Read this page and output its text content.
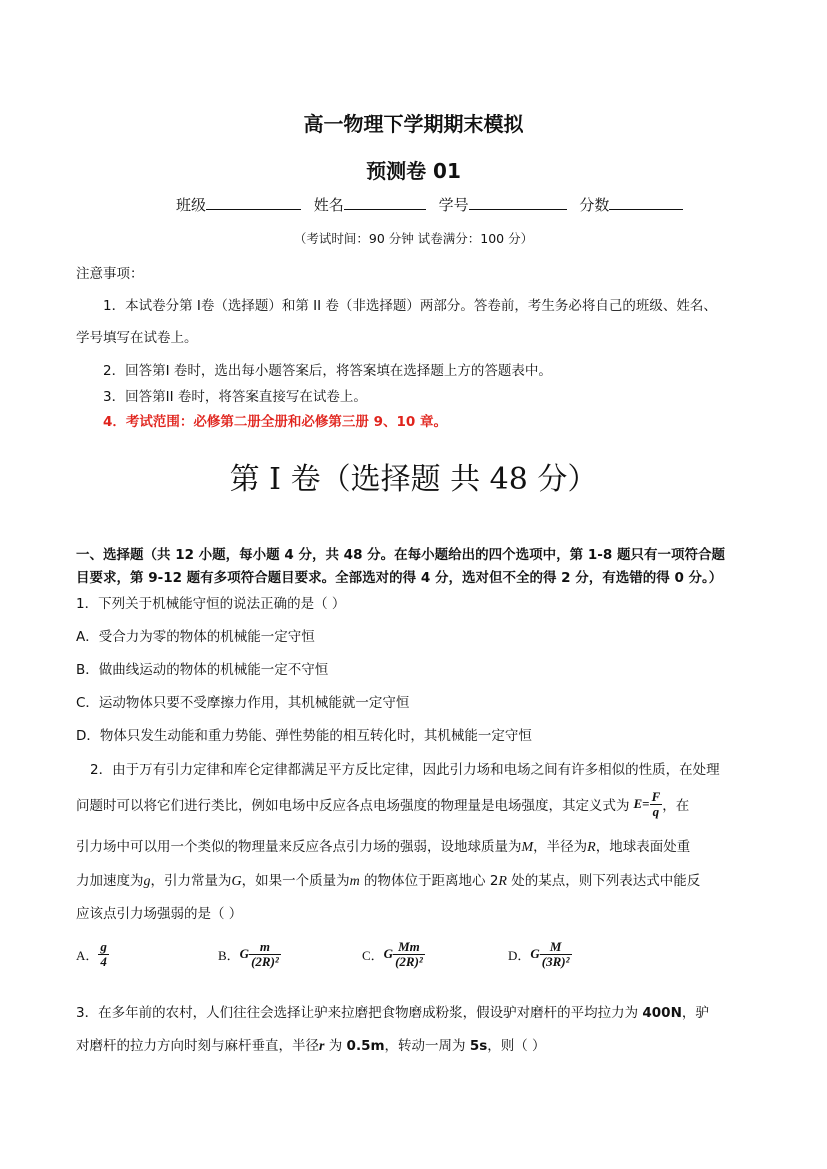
高一物理下学期期末模拟
预测卷 01
班级	姓名	学号	分数
（考试时间：90 分钟 试卷满分：100 分）
注意事项：
1．本试卷分第 I卷（选择题）和第 II 卷（非选择题）两部分。答卷前，考生务必将自己的班级、姓名、
学号填写在试卷上。
2．回答第I 卷时，选出每小题答案后，将答案填在选择题上方的答题表中。
3．回答第II 卷时，将答案直接写在试卷上。
4．考试范围：必修第二册全册和必修第三册 9、10 章。
第 I 卷（选择题 共 48 分）
一、选择题（共 12 小题，每小题 4 分，共 48 分。在每小题给出的四个选项中，第 1-8 题只有一项符合题
目要求，第 9-12 题有多项符合题目要求。全部选对的得 4 分，选对但不全的得 2 分，有选错的得 0 分。）
1．下列关于机械能守恒的说法正确的是（ ）
A．受合力为零的物体的机械能一定守恒
B．做曲线运动的物体的机械能一定不守恒
C．运动物体只要不受摩擦力作用，其机械能就一定守恒
D．物体只发生动能和重力势能、弹性势能的相互转化时，其机械能一定守恒
2．由于万有引力定律和库仑定律都满足平方反比定律，因此引力场和电场之间有许多相似的性质，在处理
问题时可以将它们进行类比，例如电场中反应各点电场强度的物理量是电场强度，其定义式为 $E = \frac{F}{q}$ ，在
引力场中可以用一个类似的物理量来反应各点引力场的强弱，设地球质量为M，半径为R，地球表面处重
力加速度为g，引力常量为G，如果一个质量为m 的物体位于距离地心 2R 处的某点，则下列表达式中能反
应该点引力场强弱的是（ ）
A． $\frac{g}{4}$	B． G $\frac{m}{\text{(2R)²}}$	C． G $\frac{Mm}{\text{(2R)²}}$	D． G $\frac{M}{\text{(3R)²}}$
3．在多年前的农村，人们往往会选择让驴来拉磨把食物磨成粉浆，假设驴对磨杆的平均拉力为 400N，驴
对磨杆的拉力方向时刻与麻杆垂直，半径r 为 0.5m，转动一周为 5s，则（ ）
